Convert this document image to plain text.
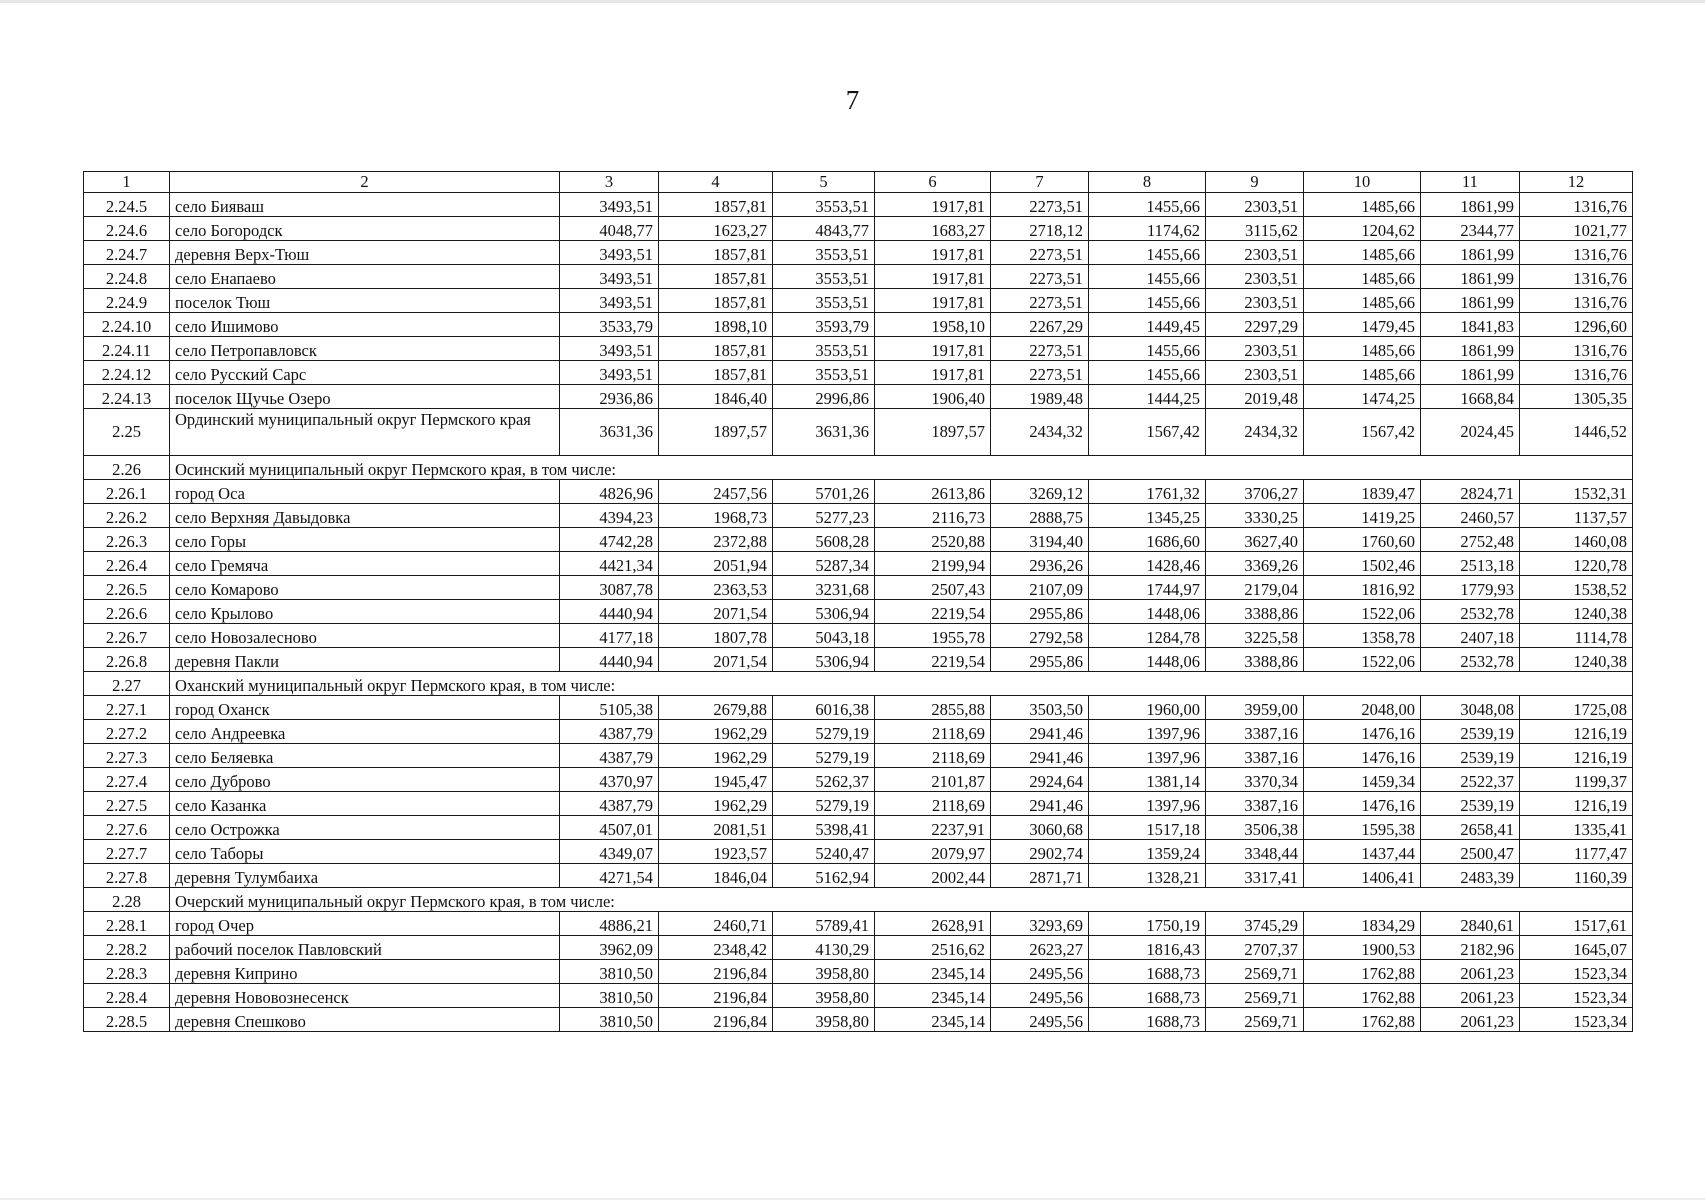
7
1	2	3	4	5	6	7	8	9	10	11	12
2.24.5	село Бияваш	3493,51	1857,81	3553,51	1917,81	2273,51	1455,66	2303,51	1485,66	1861,99	1316,76
2.24.6	село Богородск	4048,77	1623,27	4843,77	1683,27	2718,12	1174,62	3115,62	1204,62	2344,77	1021,77
2.24.7	деревня Верх-Тюш	3493,51	1857,81	3553,51	1917,81	2273,51	1455,66	2303,51	1485,66	1861,99	1316,76
2.24.8	село Енапаево	3493,51	1857,81	3553,51	1917,81	2273,51	1455,66	2303,51	1485,66	1861,99	1316,76
2.24.9	поселок Тюш	3493,51	1857,81	3553,51	1917,81	2273,51	1455,66	2303,51	1485,66	1861,99	1316,76
2.24.10	село Ишимово	3533,79	1898,10	3593,79	1958,10	2267,29	1449,45	2297,29	1479,45	1841,83	1296,60
2.24.11	село Петропавловск	3493,51	1857,81	3553,51	1917,81	2273,51	1455,66	2303,51	1485,66	1861,99	1316,76
2.24.12	село Русский Сарс	3493,51	1857,81	3553,51	1917,81	2273,51	1455,66	2303,51	1485,66	1861,99	1316,76
2.24.13	поселок Щучье Озеро	2936,86	1846,40	2996,86	1906,40	1989,48	1444,25	2019,48	1474,25	1668,84	1305,35
2.25	Ординский муниципальный округ Пермского края	3631,36	1897,57	3631,36	1897,57	2434,32	1567,42	2434,32	1567,42	2024,45	1446,52
2.26	Осинский муниципальный округ Пермского края, в том числе:										
2.26.1	город Оса	4826,96	2457,56	5701,26	2613,86	3269,12	1761,32	3706,27	1839,47	2824,71	1532,31
2.26.2	село Верхняя Давыдовка	4394,23	1968,73	5277,23	2116,73	2888,75	1345,25	3330,25	1419,25	2460,57	1137,57
2.26.3	село Горы	4742,28	2372,88	5608,28	2520,88	3194,40	1686,60	3627,40	1760,60	2752,48	1460,08
2.26.4	село Гремяча	4421,34	2051,94	5287,34	2199,94	2936,26	1428,46	3369,26	1502,46	2513,18	1220,78
2.26.5	село Комарово	3087,78	2363,53	3231,68	2507,43	2107,09	1744,97	2179,04	1816,92	1779,93	1538,52
2.26.6	село Крылово	4440,94	2071,54	5306,94	2219,54	2955,86	1448,06	3388,86	1522,06	2532,78	1240,38
2.26.7	село Новозалесново	4177,18	1807,78	5043,18	1955,78	2792,58	1284,78	3225,58	1358,78	2407,18	1114,78
2.26.8	деревня Пакли	4440,94	2071,54	5306,94	2219,54	2955,86	1448,06	3388,86	1522,06	2532,78	1240,38
2.27	Оханский муниципальный округ Пермского края, в том числе:										
2.27.1	город Оханск	5105,38	2679,88	6016,38	2855,88	3503,50	1960,00	3959,00	2048,00	3048,08	1725,08
2.27.2	село Андреевка	4387,79	1962,29	5279,19	2118,69	2941,46	1397,96	3387,16	1476,16	2539,19	1216,19
2.27.3	село Беляевка	4387,79	1962,29	5279,19	2118,69	2941,46	1397,96	3387,16	1476,16	2539,19	1216,19
2.27.4	село Дуброво	4370,97	1945,47	5262,37	2101,87	2924,64	1381,14	3370,34	1459,34	2522,37	1199,37
2.27.5	село Казанка	4387,79	1962,29	5279,19	2118,69	2941,46	1397,96	3387,16	1476,16	2539,19	1216,19
2.27.6	село Острожка	4507,01	2081,51	5398,41	2237,91	3060,68	1517,18	3506,38	1595,38	2658,41	1335,41
2.27.7	село Таборы	4349,07	1923,57	5240,47	2079,97	2902,74	1359,24	3348,44	1437,44	2500,47	1177,47
2.27.8	деревня Тулумбаиха	4271,54	1846,04	5162,94	2002,44	2871,71	1328,21	3317,41	1406,41	2483,39	1160,39
2.28	Очерский муниципальный округ Пермского края, в том числе:										
2.28.1	город Очер	4886,21	2460,71	5789,41	2628,91	3293,69	1750,19	3745,29	1834,29	2840,61	1517,61
2.28.2	рабочий поселок Павловский	3962,09	2348,42	4130,29	2516,62	2623,27	1816,43	2707,37	1900,53	2182,96	1645,07
2.28.3	деревня Киприно	3810,50	2196,84	3958,80	2345,14	2495,56	1688,73	2569,71	1762,88	2061,23	1523,34
2.28.4	деревня Нововознесенск	3810,50	2196,84	3958,80	2345,14	2495,56	1688,73	2569,71	1762,88	2061,23	1523,34
2.28.5	деревня Спешково	3810,50	2196,84	3958,80	2345,14	2495,56	1688,73	2569,71	1762,88	2061,23	1523,34
